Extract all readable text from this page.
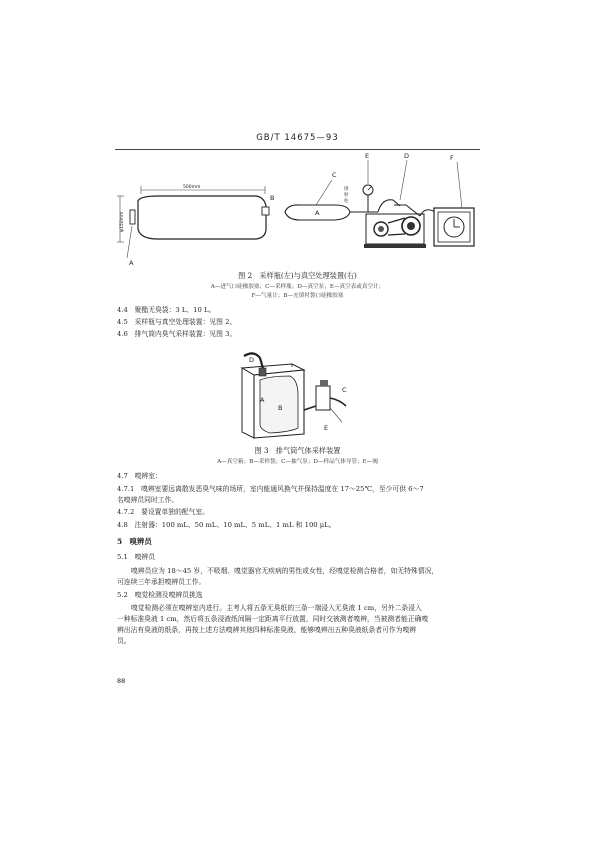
GB/T 14675—93
500mm
φ150mm
B
A
A
C
排射柱
E	D	F
图 2　采样瓶(左)与真空处理装置(右)
A—进气口硅橡胶塞；C—采样瓶；D—真空泵；E—真空表或真空计；
F—气量计；B—充填衬袋口硅橡胶塞
4.4　聚酯无臭袋：3 L、10 L。
4.5　采样瓶与真空处理装置：见图 2。
4.6　排气筒内臭气采样装置：见图 3。
D
A
B
C
E
图 3　排气筒气体采样装置
A—真空箱；B—采样袋；C—抽气泵；D—样品气体导管；E—阀
4.7　嗅辨室：
4.7.1　嗅辨室要远离散发恶臭气味的场所，室内能通风换气并保持温度在 17～25℃，至少可供 6～7
名嗅辨员同时工作。
4.7.2　要设置单独的配气室。
4.8　注射器：100 mL、50 mL、10 mL、5 mL、1 mL 和 100 μL。
5　嗅辨员
5.1　嗅辨员
嗅辨员应为 18～45 岁，不吸烟、嗅觉器官无疾病的男性或女性，经嗅觉检测合格者，如无特殊情况，
可连续三年承担嗅辨员工作。
5.2　嗅觉检测及嗅辨员挑选
嗅觉检测必须在嗅辨室内进行。主考人将五条无臭纸的三条一端浸入无臭液 1 cm，另外二条浸入
一种标准臭液 1 cm，然后将五条浸液纸间隔一定距离平行放置，同时交被测者嗅辨，当被测者能正确嗅
辨出沾有臭液的纸条，再按上述方法嗅辨其他四种标准臭液，能够嗅辨出五种臭液纸条者可作为嗅辨
员。
88
